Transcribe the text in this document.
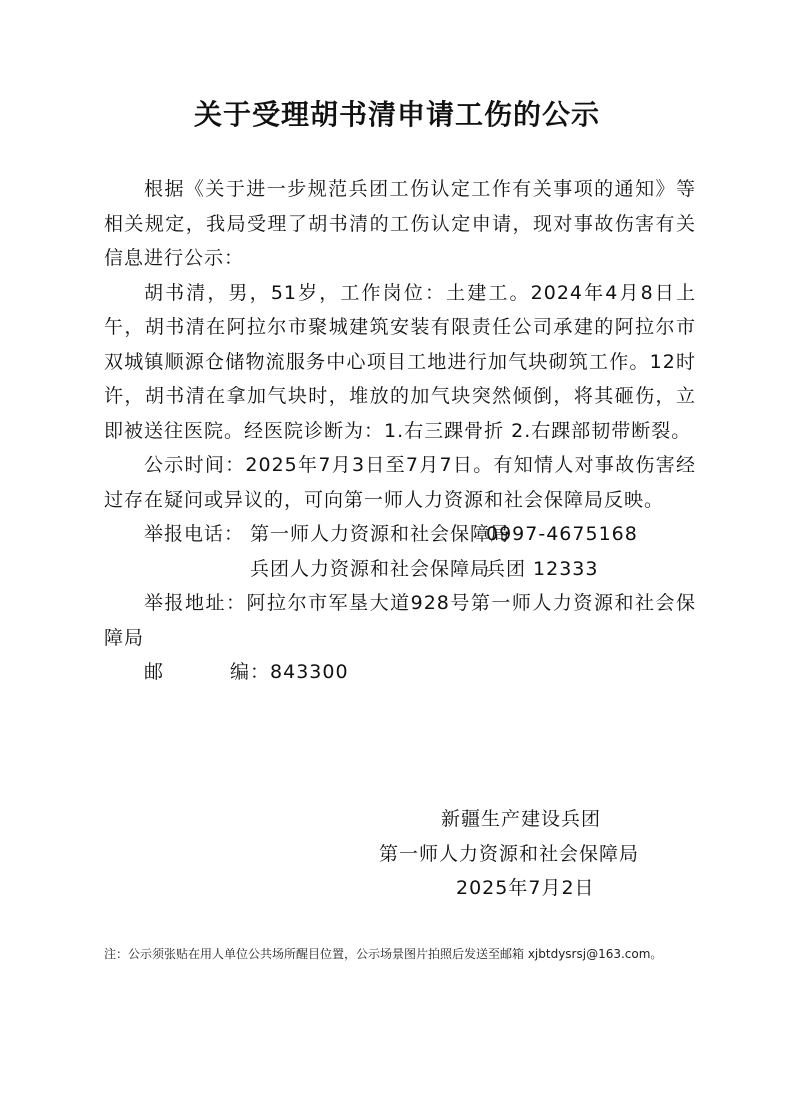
关于受理胡书清申请工伤的公示

根据《关于进一步规范兵团工伤认定工作有关事项的通知》等相关规定，我局受理了胡书清的工伤认定申请，现对事故伤害有关信息进行公示：

胡书清，男，51岁，工作岗位：土建工。2024年4月8日上午，胡书清在阿拉尔市聚城建筑安装有限责任公司承建的阿拉尔市双城镇顺源仓储物流服务中心项目工地进行加气块砌筑工作。12时许，胡书清在拿加气块时，堆放的加气块突然倾倒，将其砸伤，立即被送往医院。经医院诊断为：1.右三踝骨折 2.右踝部韧带断裂。

公示时间：2025年7月3日至7月7日。有知情人对事故伤害经过存在疑问或异议的，可向第一师人力资源和社会保障局反映。

举报电话： 第一师人力资源和社会保障局
0997-4675168
兵团人力资源和社会保障局
兵团 12333

举报地址：阿拉尔市军垦大道928号第一师人力资源和社会保障局

邮编 ： 843300
新疆生产建设兵团
第一师人力资源和社会保障局
2025年7月2日
注：公示须张贴在用人单位公共场所醒目位置，公示场景图片拍照后发送至邮箱 xjbtdysrsj@163.com。
